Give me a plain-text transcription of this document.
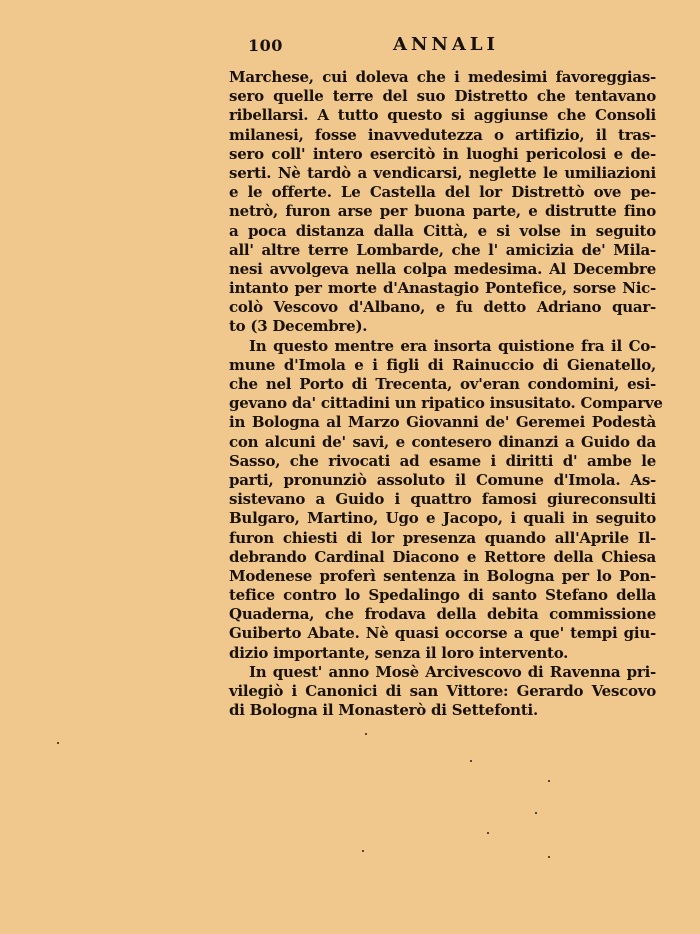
100	ANNALI
Marchese, cui doleva che i medesimi favoreggias-
sero quelle terre del suo Distretto che tentavano
ribellarsi. A tutto questo si aggiunse che Consoli
milanesi, fosse inavvedutezza o artifizio, il tras-
sero coll' intero esercitò in luoghi pericolosi e de-
serti. Nè tardò a vendicarsi, neglette le umiliazioni
e le offerte. Le Castella del lor Distrettò ove pe-
netrò, furon arse per buona parte, e distrutte fino
a poca distanza dalla Città, e si volse in seguito
all' altre terre Lombarde, che l' amicizia de' Mila-
nesi avvolgeva nella colpa medesima. Al Decembre
intanto per morte d'Anastagio Pontefice, sorse Nic-
colò Vescovo d'Albano, e fu detto Adriano quar-
to (3 Decembre).
In questo mentre era insorta quistione fra il Co-
mune d'Imola e i figli di Rainuccio di Gienatello,
che nel Porto di Trecenta, ov'eran condomini, esi-
gevano da' cittadini un ripatico insusitato. Comparve
in Bologna al Marzo Giovanni de' Geremei Podestà
con alcuni de' savi, e contesero dinanzi a Guido da
Sasso, che rivocati ad esame i diritti d' ambe le
parti, pronunziò assoluto il Comune d'Imola. As-
sistevano a Guido i quattro famosi giureconsulti
Bulgaro, Martino, Ugo e Jacopo, i quali in seguito
furon chiesti di lor presenza quando all'Aprile Il-
debrando Cardinal Diacono e Rettore della Chiesa
Modenese proferì sentenza in Bologna per lo Pon-
tefice contro lo Spedalingo di santo Stefano della
Quaderna, che frodava della debita commissione
Guiberto Abate. Nè quasi occorse a que' tempi giu-
dizio importante, senza il loro intervento.
In quest' anno Mosè Arcivescovo di Ravenna pri-
vilegiò i Canonici di san Vittore: Gerardo Vescovo
di Bologna il Monasterò di Settefonti.
